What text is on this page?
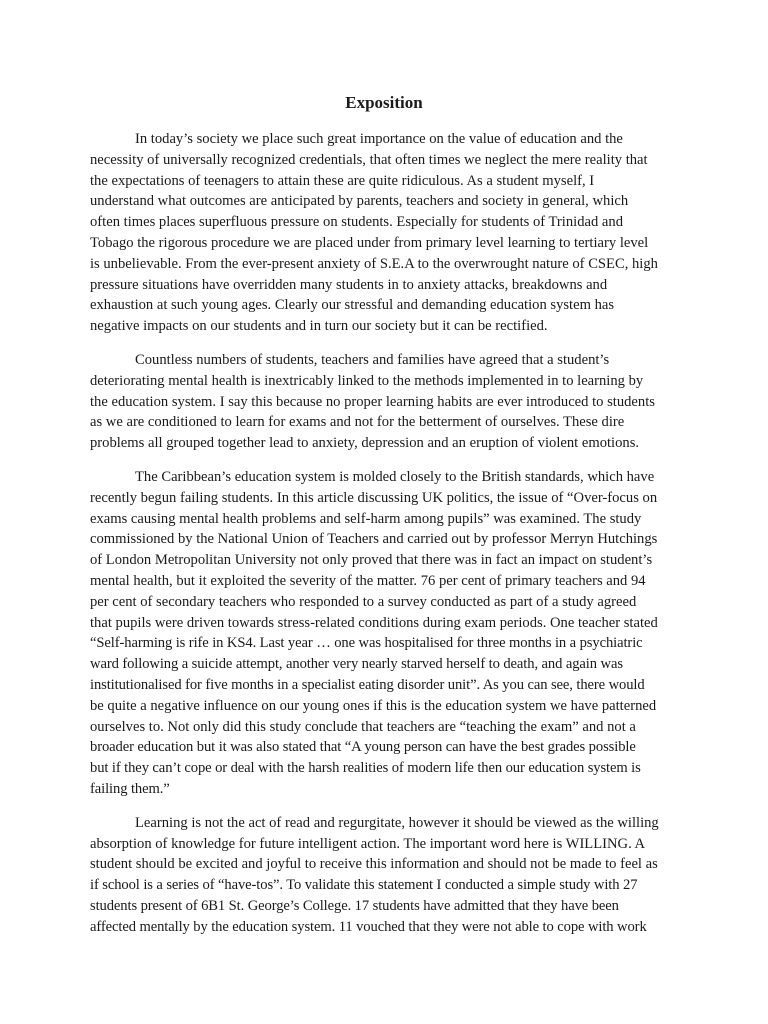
Exposition

In today’s society we place such great importance on the value of education and the
necessity of universally recognized credentials, that often times we neglect the mere reality that
the expectations of teenagers to attain these are quite ridiculous. As a student myself, I
understand what outcomes are anticipated by parents, teachers and society in general, which
often times places superfluous pressure on students. Especially for students of Trinidad and
Tobago the rigorous procedure we are placed under from primary level learning to tertiary level
is unbelievable. From the ever-present anxiety of S.E.A to the overwrought nature of CSEC, high
pressure situations have overridden many students in to anxiety attacks, breakdowns and
exhaustion at such young ages. Clearly our stressful and demanding education system has
negative impacts on our students and in turn our society but it can be rectified.

Countless numbers of students, teachers and families have agreed that a student’s
deteriorating mental health is inextricably linked to the methods implemented in to learning by
the education system. I say this because no proper learning habits are ever introduced to students
as we are conditioned to learn for exams and not for the betterment of ourselves. These dire
problems all grouped together lead to anxiety, depression and an eruption of violent emotions.

The Caribbean’s education system is molded closely to the British standards, which have
recently begun failing students. In this article discussing UK politics, the issue of “Over-focus on
exams causing mental health problems and self-harm among pupils” was examined. The study
commissioned by the National Union of Teachers and carried out by professor Merryn Hutchings
of London Metropolitan University not only proved that there was in fact an impact on student’s
mental health, but it exploited the severity of the matter. 76 per cent of primary teachers and 94
per cent of secondary teachers who responded to a survey conducted as part of a study agreed
that pupils were driven towards stress-related conditions during exam periods. One teacher stated
“Self-harming is rife in KS4. Last year … one was hospitalised for three months in a psychiatric
ward following a suicide attempt, another very nearly starved herself to death, and again was
institutionalised for five months in a specialist eating disorder unit”. As you can see, there would
be quite a negative influence on our young ones if this is the education system we have patterned
ourselves to. Not only did this study conclude that teachers are “teaching the exam” and not a
broader education but it was also stated that “A young person can have the best grades possible
but if they can’t cope or deal with the harsh realities of modern life then our education system is
failing them.”

Learning is not the act of read and regurgitate, however it should be viewed as the willing
absorption of knowledge for future intelligent action. The important word here is WILLING. A
student should be excited and joyful to receive this information and should not be made to feel as
if school is a series of “have-tos”. To validate this statement I conducted a simple study with 27
students present of 6B1 St. George’s College. 17 students have admitted that they have been
affected mentally by the education system. 11 vouched that they were not able to cope with work
